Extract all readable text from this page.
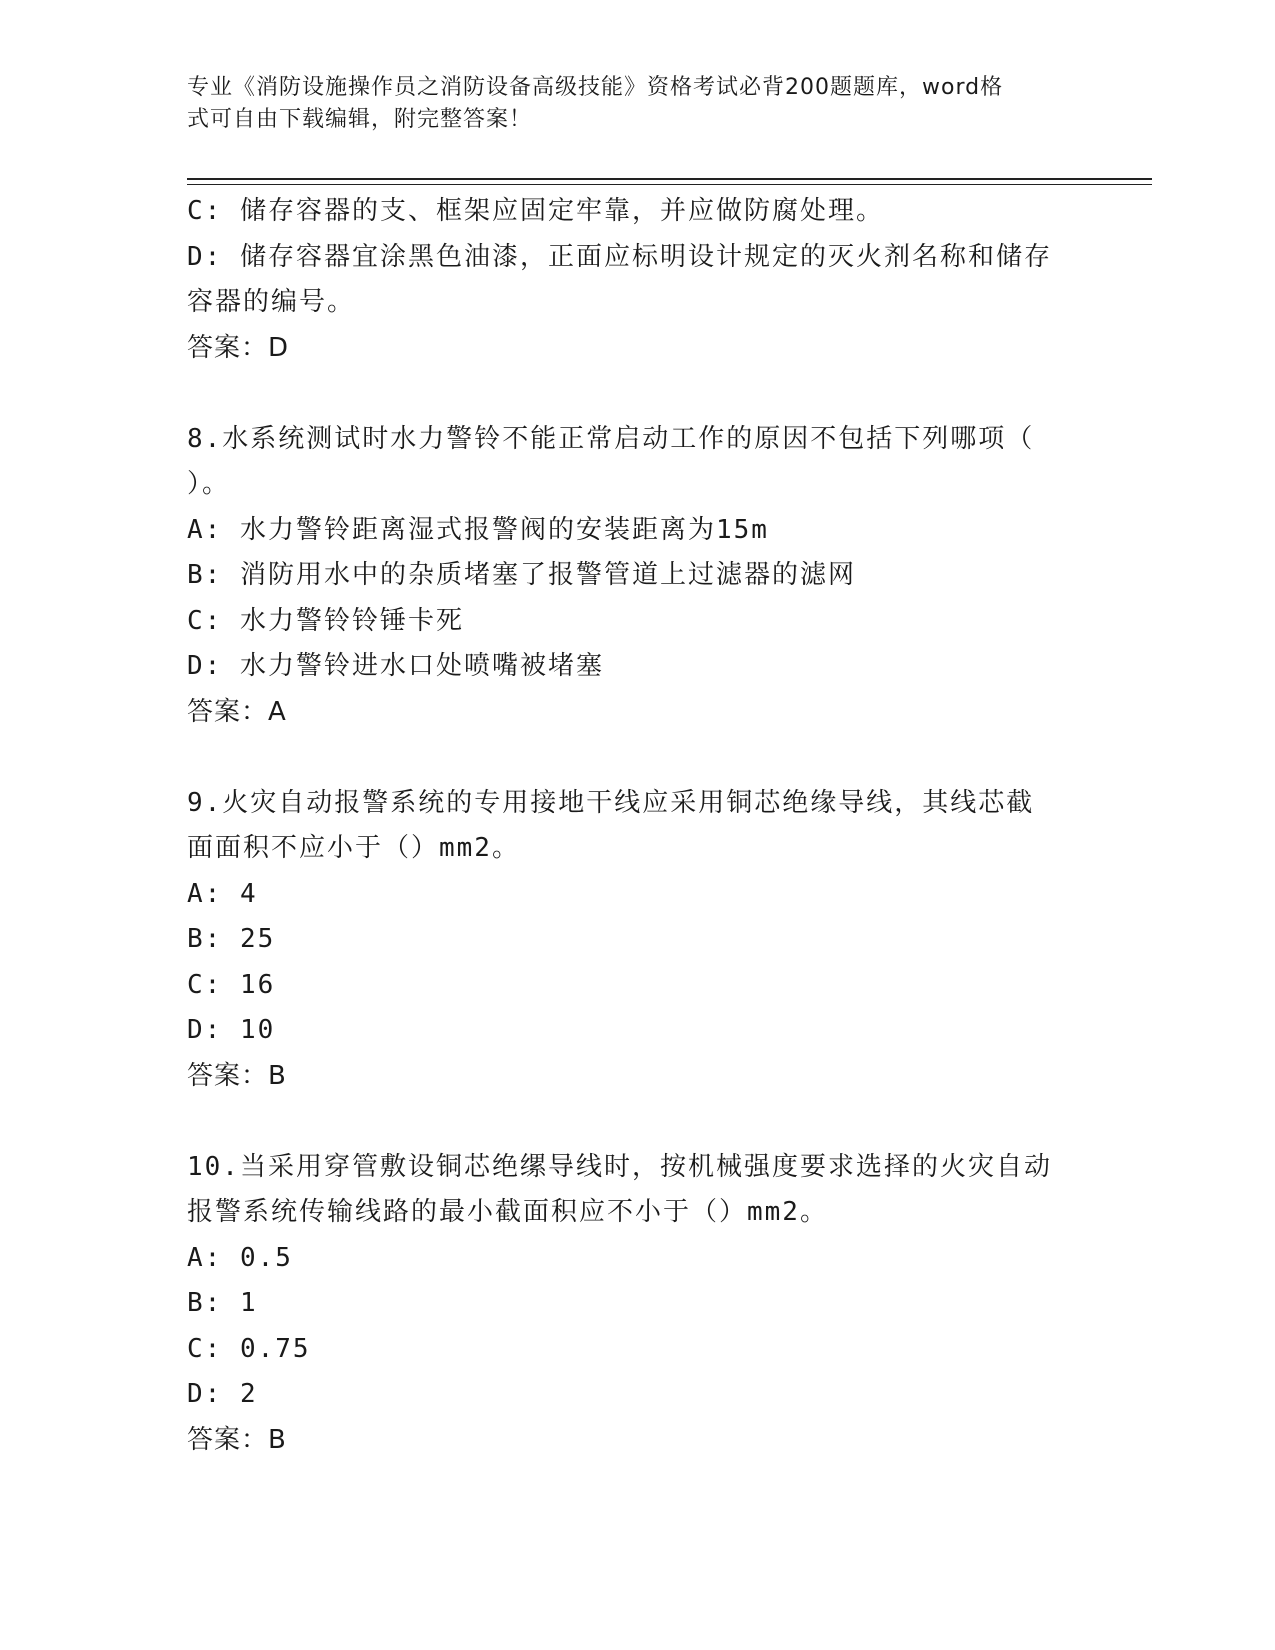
专业《消防设施操作员之消防设备高级技能》资格考试必背200题题库，word格
式可自由下载编辑，附完整答案！
C: 储存容器的支、框架应固定牢靠，并应做防腐处理。
D: 储存容器宜涂黑色油漆，正面应标明设计规定的灭火剂名称和储存
容器的编号。
答案：D
8.水系统测试时水力警铃不能正常启动工作的原因不包括下列哪项（
）。
A: 水力警铃距离湿式报警阀的安装距离为15m
B: 消防用水中的杂质堵塞了报警管道上过滤器的滤网
C: 水力警铃铃锤卡死
D: 水力警铃进水口处喷嘴被堵塞
答案：A
9.火灾自动报警系统的专用接地干线应采用铜芯绝缘导线，其线芯截
面面积不应小于（）mm2。
A: 4
B: 25
C: 16
D: 10
答案：B
10.当采用穿管敷设铜芯绝缧导线时，按机械强度要求选择的火灾自动
报警系统传输线路的最小截面积应不小于（）mm2。
A: 0.5
B: 1
C: 0.75
D: 2
答案：B
